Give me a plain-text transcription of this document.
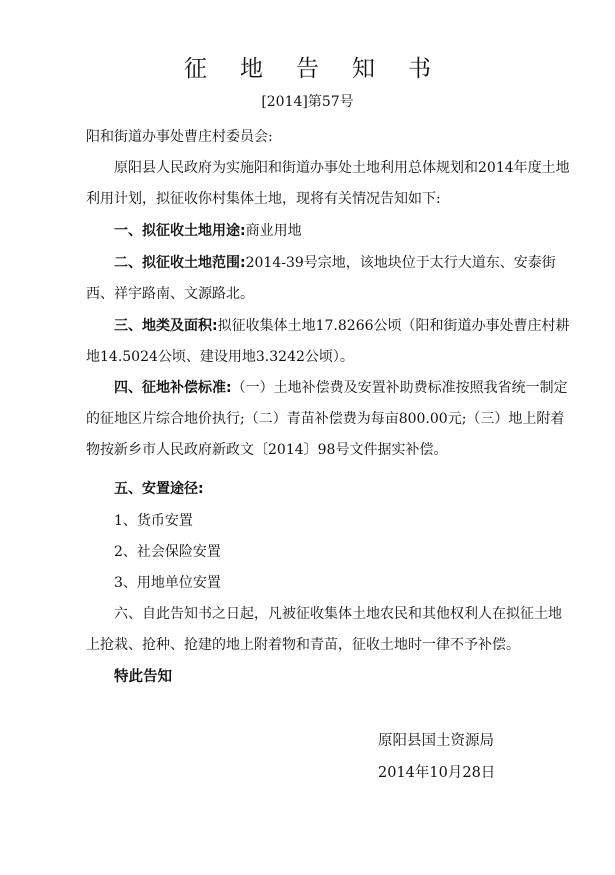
征地告知书
[2014]第57号

阳和街道办事处曹庄村委员会:

原阳县人民政府为实施阳和街道办事处土地利用总体规划和2014年度土地利用计划，拟征收你村集体土地，现将有关情况告知如下:

一、拟征收土地用途:商业用地

二、拟征收土地范围:2014-39号宗地，该地块位于太行大道东、安泰街西、祥宇路南、文源路北。

三、地类及面积:拟征收集体土地17.8266公顷（阳和街道办事处曹庄村耕地14.5024公顷、建设用地3.3242公顷）。

四、征地补偿标准:（一）土地补偿费及安置补助费标准按照我省统一制定的征地区片综合地价执行;（二）青苗补偿费为每亩800.00元;（三）地上附着物按新乡市人民政府新政文〔2014〕98号文件据实补偿。

五、安置途径:

1、货币安置

2、社会保险安置

3、用地单位安置

六、自此告知书之日起，凡被征收集体土地农民和其他权利人在拟征土地上抢栽、抢种、抢建的地上附着物和青苗，征收土地时一律不予补偿。

特此告知
原阳县国土资源局
2014年10月28日
